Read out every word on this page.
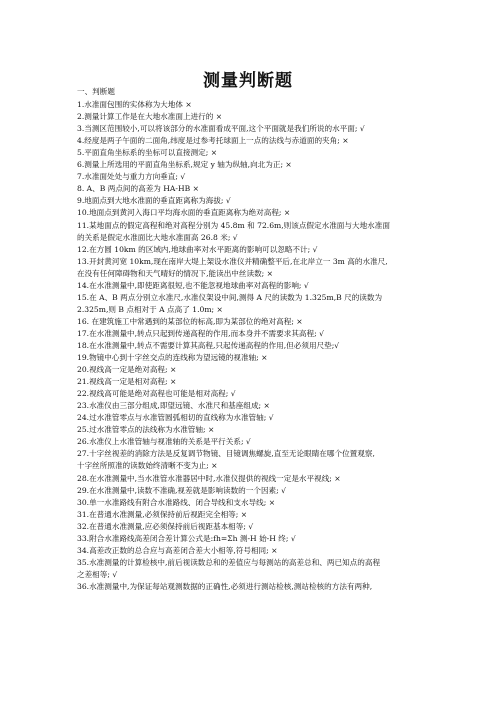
测量判断题
一、判断题
1.水准面包围的实体称为大地体 ×
2.测量计算工作是在大地水准面上进行的 ×
3.当测区范围较小,可以将该部分的水准面看成平面,这个平面就是我们所说的水平面; √
4.经度是两子午面的二面角,纬度是过参考托球面上一点的法线与赤道面的夹角; ×
5.平面直角坐标系的坐标可以直接测定; ×
6.测量上所选用的平面直角坐标系,规定 y 轴为纵轴,向北为正; ×
7.水准面处处与重力方向垂直; √
8. A、B 两点间的高差为 HA-HB ×
9.地面点到大地水准面的垂直距离称为海拔; √
10.地面点到黄河入海口平均海水面的垂直距离称为绝对高程; ×
11.某地面点的假定高程和绝对高程分别为 45.8m 和 72.6m,则该点假定水准面与大地水准面
的关系是假定水准面比大地水准面高 26.8 米; √
12.在方圆 10km 的区域内,地球曲率对水平距离的影响可以忽略不计; √
13.开封黄河宽 10km,现在南岸大堤上架设水准仪并精确整平后,在北岸立一 3m 高的水准尺,
在没有任何障碍物和天气晴好的情况下,能读出中丝读数; ×
14.在水准测量中,即使距离很短,也不能忽视地球曲率对高程的影响; √
15.在 A、B 两点分别立水准尺,水准仪架设中间,测得 A 尺的读数为 1.325m,B 尺的读数为
2.325m,则 B 点相对于 A 点高了 1.0m; ×
16. 在建筑施工中常遇到的某部位的标高,即为某部位的绝对高程; ×
17.在水准测量中,转点只起到传递高程的作用,而本身并不需要求其高程; √
18.在水准测量中,转点不需要计算其高程,只起传递高程的作用,但必须用尺垫;√
19.物镜中心到十字丝交点的连线称为望远镜的视准轴; ×
20.视线高一定是绝对高程; ×
21.视线高一定是相对高程; ×
22.视线高可能是绝对高程也可能是相对高程; √
23.水准仪由三部分组成,即望远镜、水准尺和基座组成; ×
24.过水准管零点与水准管圆弧相切的直线称为水准管轴; √
25.过水准管零点的法线称为水准管轴; ×
26.水准仪上水准管轴与视准轴的关系是平行关系; √
27.十字丝视差的消除方法是反复调节物镜、目镜调焦螺旋,直至无论眼睛在哪个位置观察,
十字丝所照准的读数始终清晰不变为止; ×
28.在水准测量中,当水准管水准器居中时,水准仪提供的视线一定是水平视线; ×
29.在水准测量中,读数不准确,视差就是影响读数的一个因素; √
30.单一水准路线有附合水准路线、闭合导线和支水导线; ×
31.在普通水准测量,必须保持前后视距完全相等; ×
32.在普通水准测量,应必须保持前后视距基本相等; √
33.附合水准路线高差闭合差计算公式是:fh=Σh 测-H 始-H 终; √
34.高差改正数的总合应与高差闭合差大小相等,符号相同; ×
35.水准测量的计算检核中,前后视读数总和的差值应与每测站的高差总和、两已知点的高程
之差相等; √
36.水准测量中,为保证每站观测数据的正确性,必须进行测站检核,测站检核的方法有两种,
